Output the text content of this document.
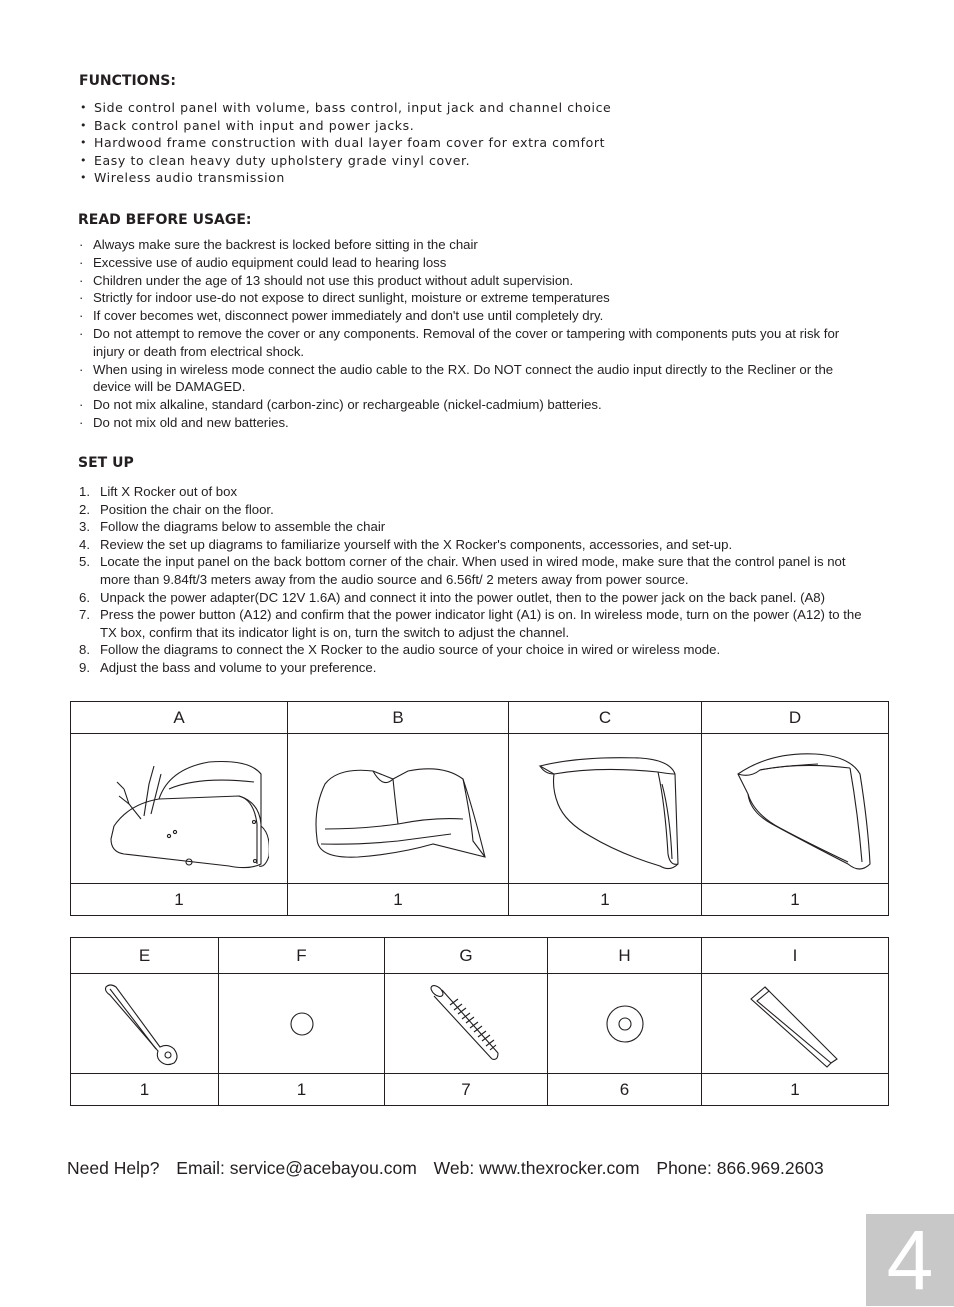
FUNCTIONS:
• Side control panel with volume, bass control, input jack and channel choice
• Back control panel with input and power jacks.
• Hardwood frame construction with dual layer foam cover for extra comfort
• Easy to clean heavy duty upholstery grade vinyl cover.
• Wireless audio transmission
READ BEFORE USAGE:
· Always make sure the backrest is locked before sitting in the chair
· Excessive use of audio equipment could lead to hearing loss
· Children under the age of 13 should not use this product without adult supervision.
· Strictly for indoor use-do not expose to direct sunlight, moisture or extreme temperatures
· If cover becomes wet, disconnect power immediately and don't use until completely dry.
· Do not attempt to remove the cover or any components. Removal of the cover or tampering with components puts you at risk for injury or death from electrical shock.
· When using in wireless mode connect the audio cable to the RX. Do NOT connect the audio input directly to the Recliner or the device will be DAMAGED.
· Do not mix alkaline, standard (carbon-zinc) or rechargeable (nickel-cadmium) batteries.
· Do not mix old and new batteries.
SET UP
1. Lift X Rocker out of box
2. Position the chair on the floor.
3. Follow the diagrams below to assemble the chair
4. Review the set up diagrams to familiarize yourself with the X Rocker's components, accessories, and set-up.
5. Locate the input panel on the back bottom corner of the chair. When used in wired mode, make sure that the control panel is not more than 9.84ft/3 meters away from the audio source and 6.56ft/ 2 meters away from power source.
6. Unpack the power adapter(DC 12V 1.6A) and connect it into the power outlet, then to the power jack on the back panel. (A8)
7. Press the power button (A12) and confirm that the power indicator light (A1) is on. In wireless mode, turn on the power (A12) to the TX box, confirm that its indicator light is on, turn the switch to adjust the channel.
8. Follow the diagrams to connect the X Rocker to the audio source of your choice in wired or wireless mode.
9. Adjust the bass and volume to your preference.
A	B	C	D

1	1	1	1
E	F	G	H	I

1	1	7	6	1
Need Help? Email: service@acebayou.com Web: www.thexrocker.com Phone: 866.969.2603
4
